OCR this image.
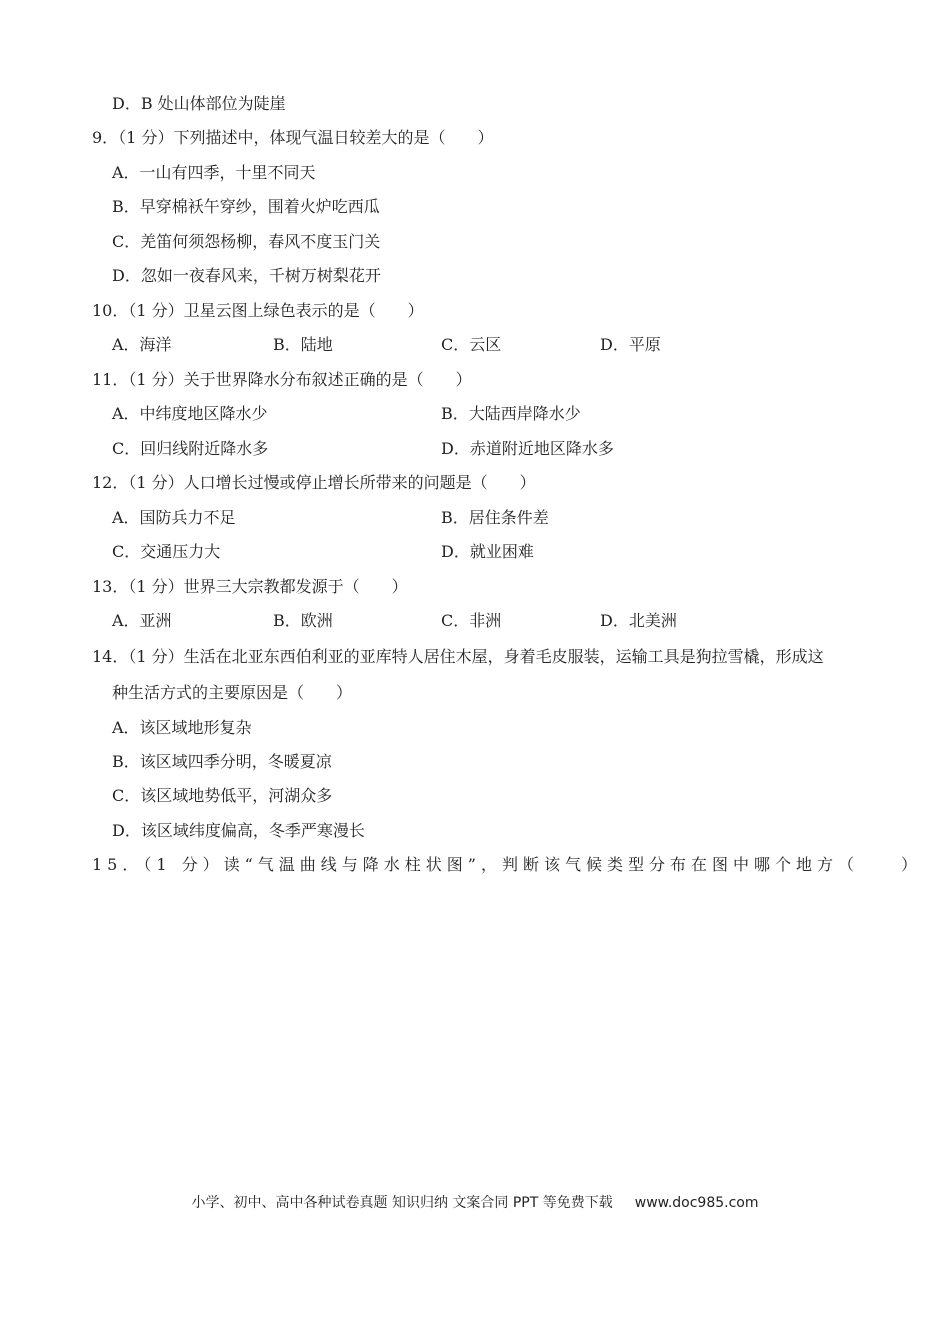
D．B 处山体部位为陡崖
9．（1 分）下列描述中，体现气温日较差大的是（　　）
A．一山有四季，十里不同天
B．早穿棉袄午穿纱，围着火炉吃西瓜
C．羌笛何须怨杨柳，春风不度玉门关
D．忽如一夜春风来，千树万树梨花开
10．（1 分）卫星云图上绿色表示的是（　　）
A．海洋	B．陆地	C．云区	D．平原
11．（1 分）关于世界降水分布叙述正确的是（　　）
A．中纬度地区降水少	B．大陆西岸降水少
C．回归线附近降水多	D．赤道附近地区降水多
12．（1 分）人口增长过慢或停止增长所带来的问题是（　　）
A．国防兵力不足	B．居住条件差
C．交通压力大	D．就业困难
13．（1 分）世界三大宗教都发源于（　　）
A．亚洲	B．欧洲	C．非洲	D．北美洲
14．（1 分）生活在北亚东西伯利亚的亚库特人居住木屋，身着毛皮服装，运输工具是狗拉雪橇，形成这
种生活方式的主要原因是（　　）
A．该区域地形复杂
B．该区域四季分明，冬暖夏凉
C．该区域地势低平，河湖众多
D．该区域纬度偏高，冬季严寒漫长
15．（1 分）读“气温曲线与降水柱状图”，判断该气候类型分布在图中哪个地方（　　）
小学、初中、高中各种试卷真题 知识归纳 文案合同 PPT 等免费下载 www.doc985.com
